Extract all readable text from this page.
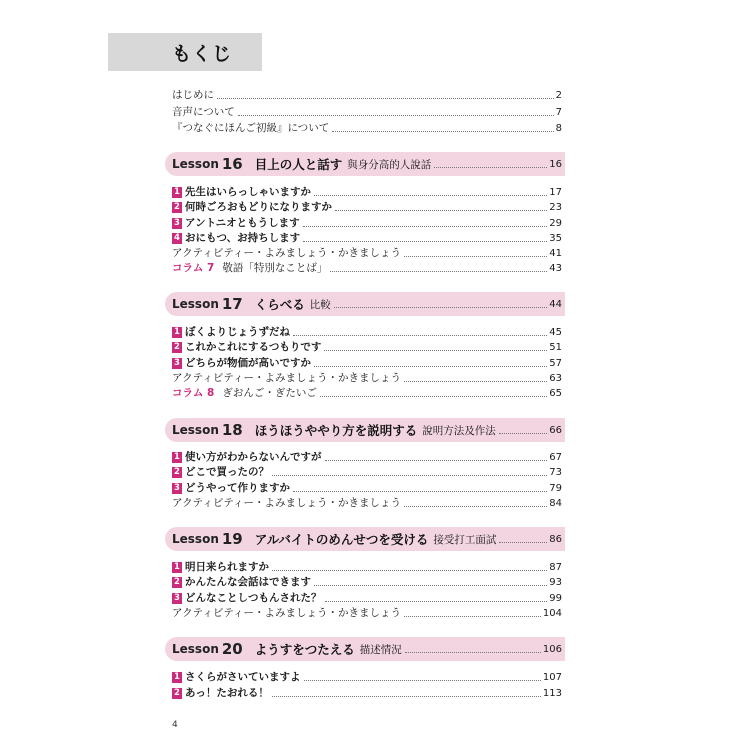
もくじ
はじめに	2
音声について	7
『つなぐにほんご初級』について	8
Lesson 16 目上の人と話す 與身分高的人說話	16
1 先生はいらっしゃいますか	17
2 何時ごろおもどりになりますか	23
3 アントニオともうします	29
4 おにもつ、お持ちします	35
アクティビティー・よみましょう・かきましょう	41
コラム 7 敬語「特別なことば」	43
Lesson 17 くらべる 比較	44
1 ぼくよりじょうずだね	45
2 これかこれにするつもりです	51
3 どちらが物価が高いですか	57
アクティビティー・よみましょう・かきましょう	63
コラム 8 ぎおんご・ぎたいご	65
Lesson 18 ほうほうややり方を説明する 說明方法及作法	66
1 使い方がわからないんですが	67
2 どこで買ったの？	73
3 どうやって作りますか	79
アクティビティー・よみましょう・かきましょう	84
Lesson 19 アルバイトのめんせつを受ける 接受打工面試	86
1 明日来られますか	87
2 かんたんな会話はできます	93
3 どんなことしつもんされた？	99
アクティビティー・よみましょう・かきましょう	104
Lesson 20 ようすをつたえる 描述情況	106
1 さくらがさいていますよ	107
2 あっ！たおれる！	113
4
